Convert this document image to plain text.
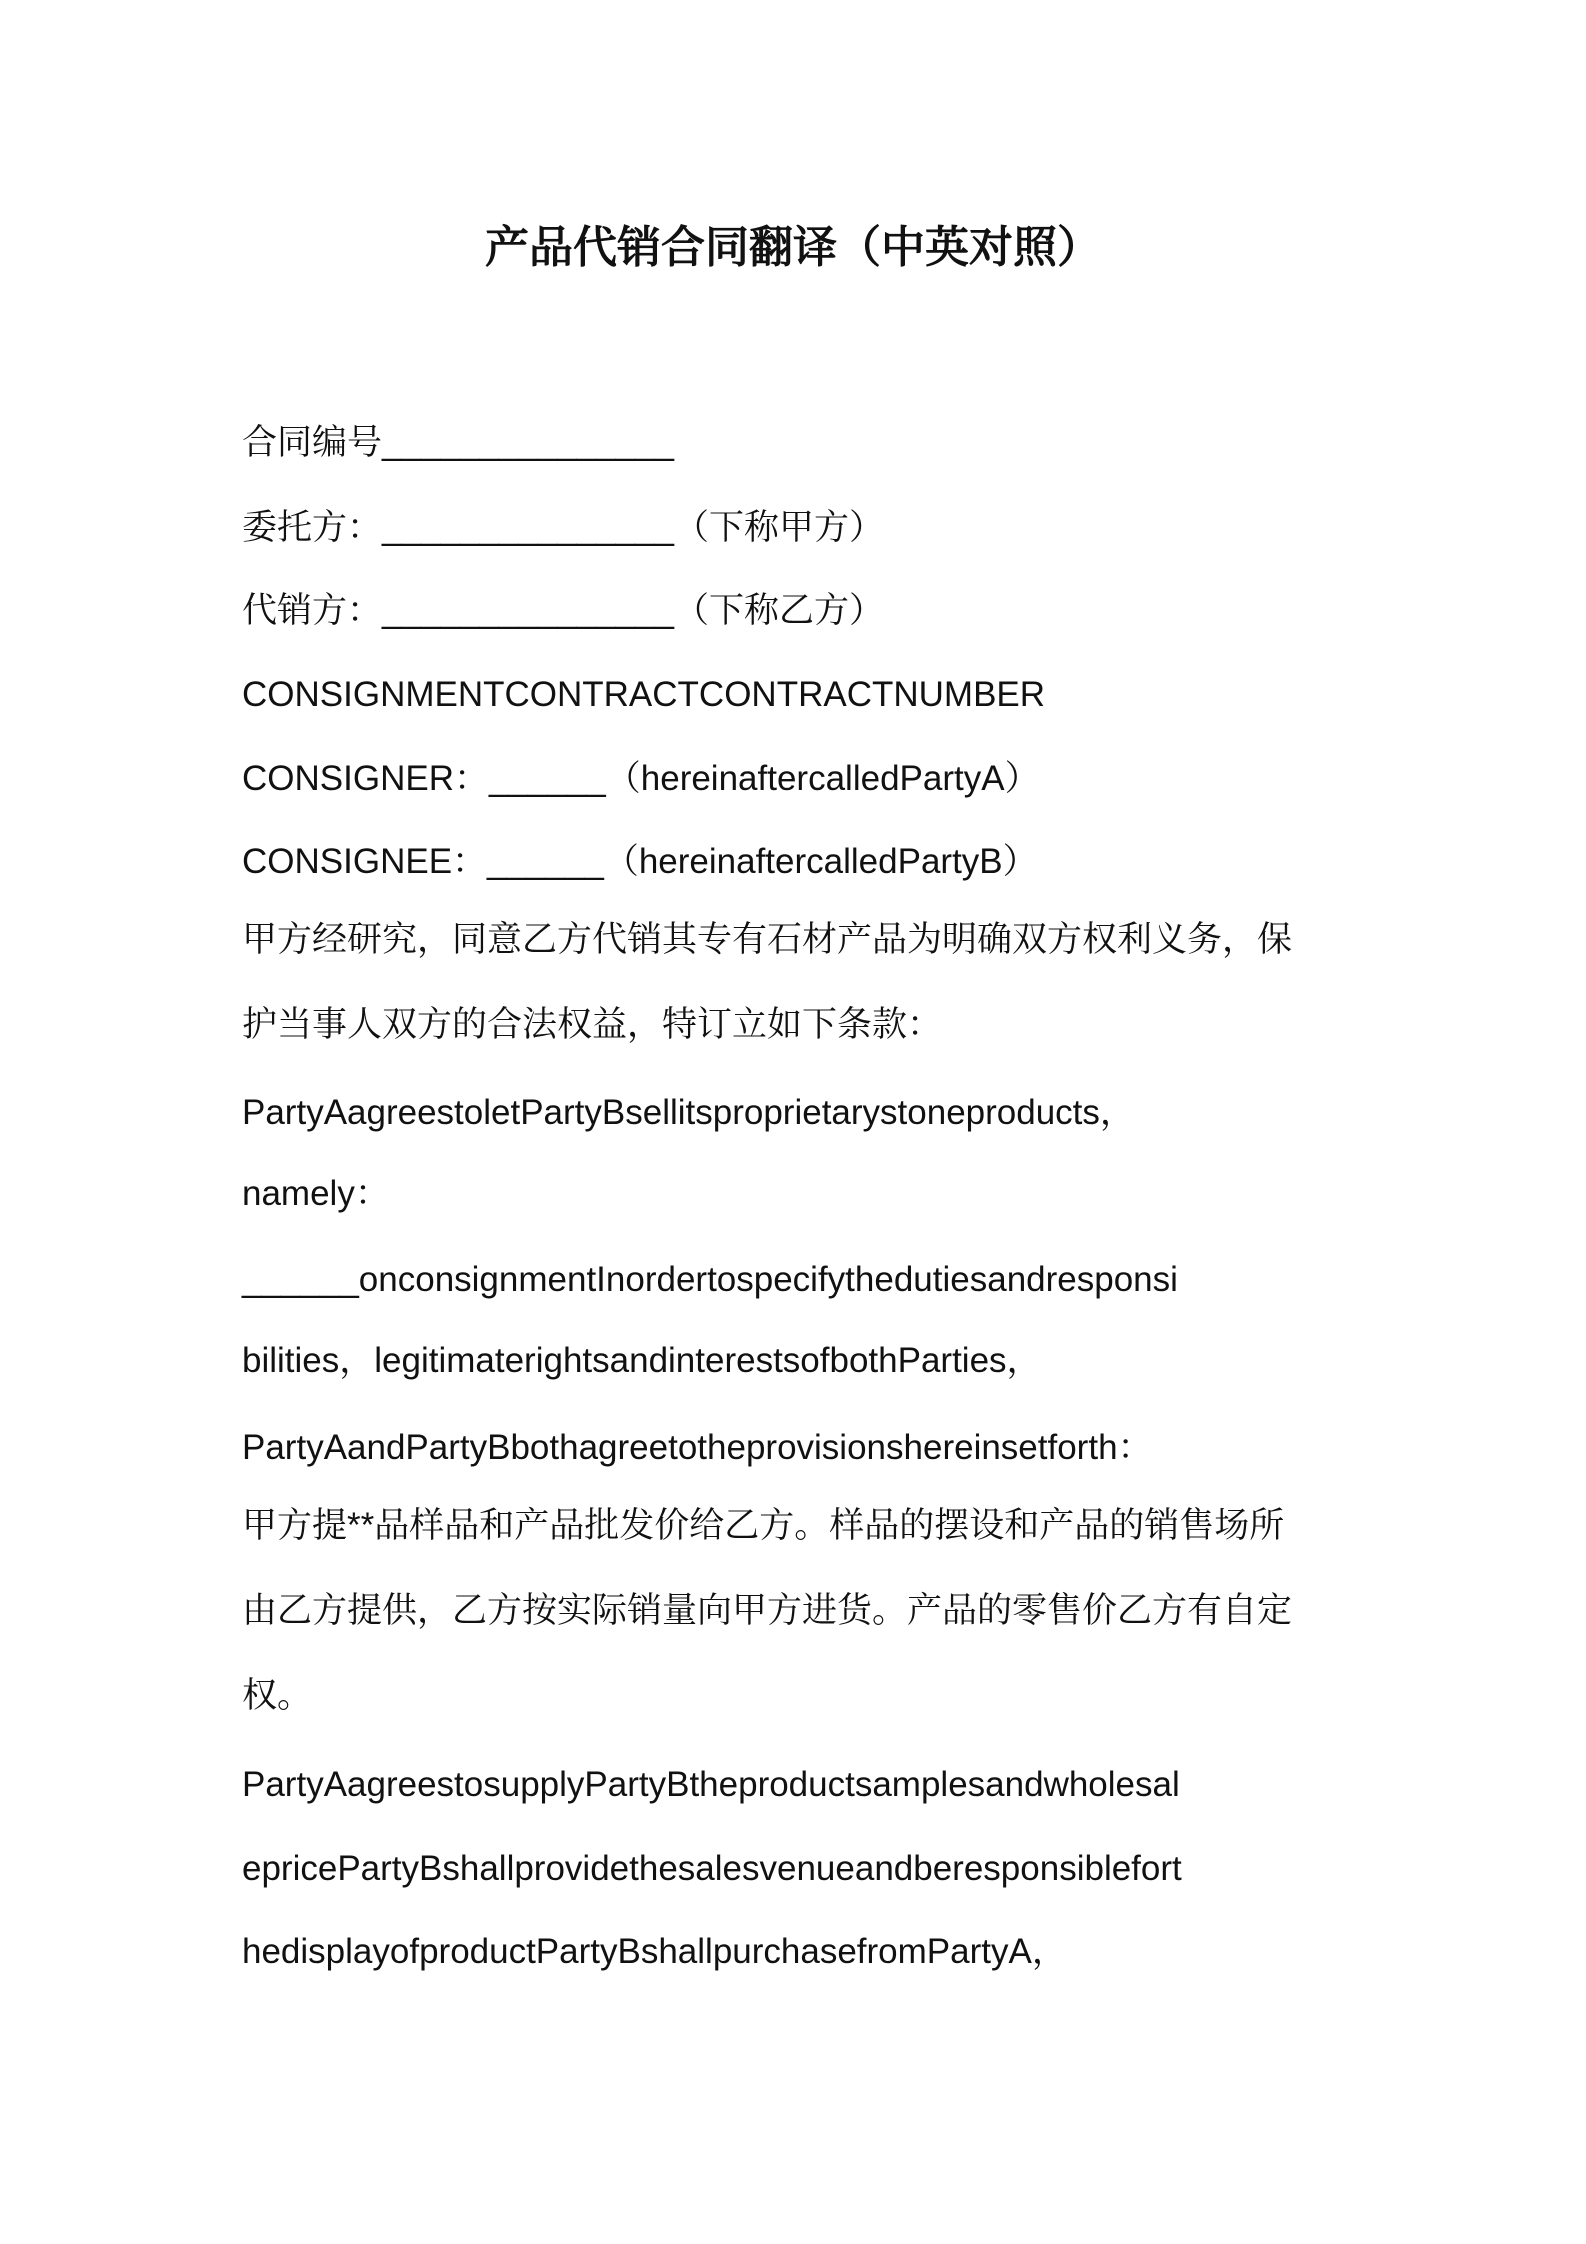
产品代销合同翻译（中英对照）
合同编号_______________
委托方：_______________（下称甲方）
代销方：_______________（下称乙方）
CONSIGNMENTCONTRACTCONTRACTNUMBER
CONSIGNER：______（hereinaftercalledPartyA）
CONSIGNEE：______（hereinaftercalledPartyB）
甲方经研究，同意乙方代销其专有石材产品为明确双方权利义务，保
护当事人双方的合法权益，特订立如下条款：
PartyAagreestoletPartyBsellitsproprietarystoneproducts，
namely：
______onconsignmentInordertospecifythedutiesandresponsi
bilities，legitimaterightsandinterestsofbothParties，
PartyAandPartyBbothagreetotheprovisionshereinsetforth：
甲方提**品样品和产品批发价给乙方。样品的摆设和产品的销售场所
由乙方提供，乙方按实际销量向甲方进货。产品的零售价乙方有自定
权。
PartyAagreestosupplyPartyBtheproductsamplesandwholesal
epricePartyBshallprovidethesalesvenueandberesponsiblefort
hedisplayofproductPartyBshallpurchasefromPartyA，
